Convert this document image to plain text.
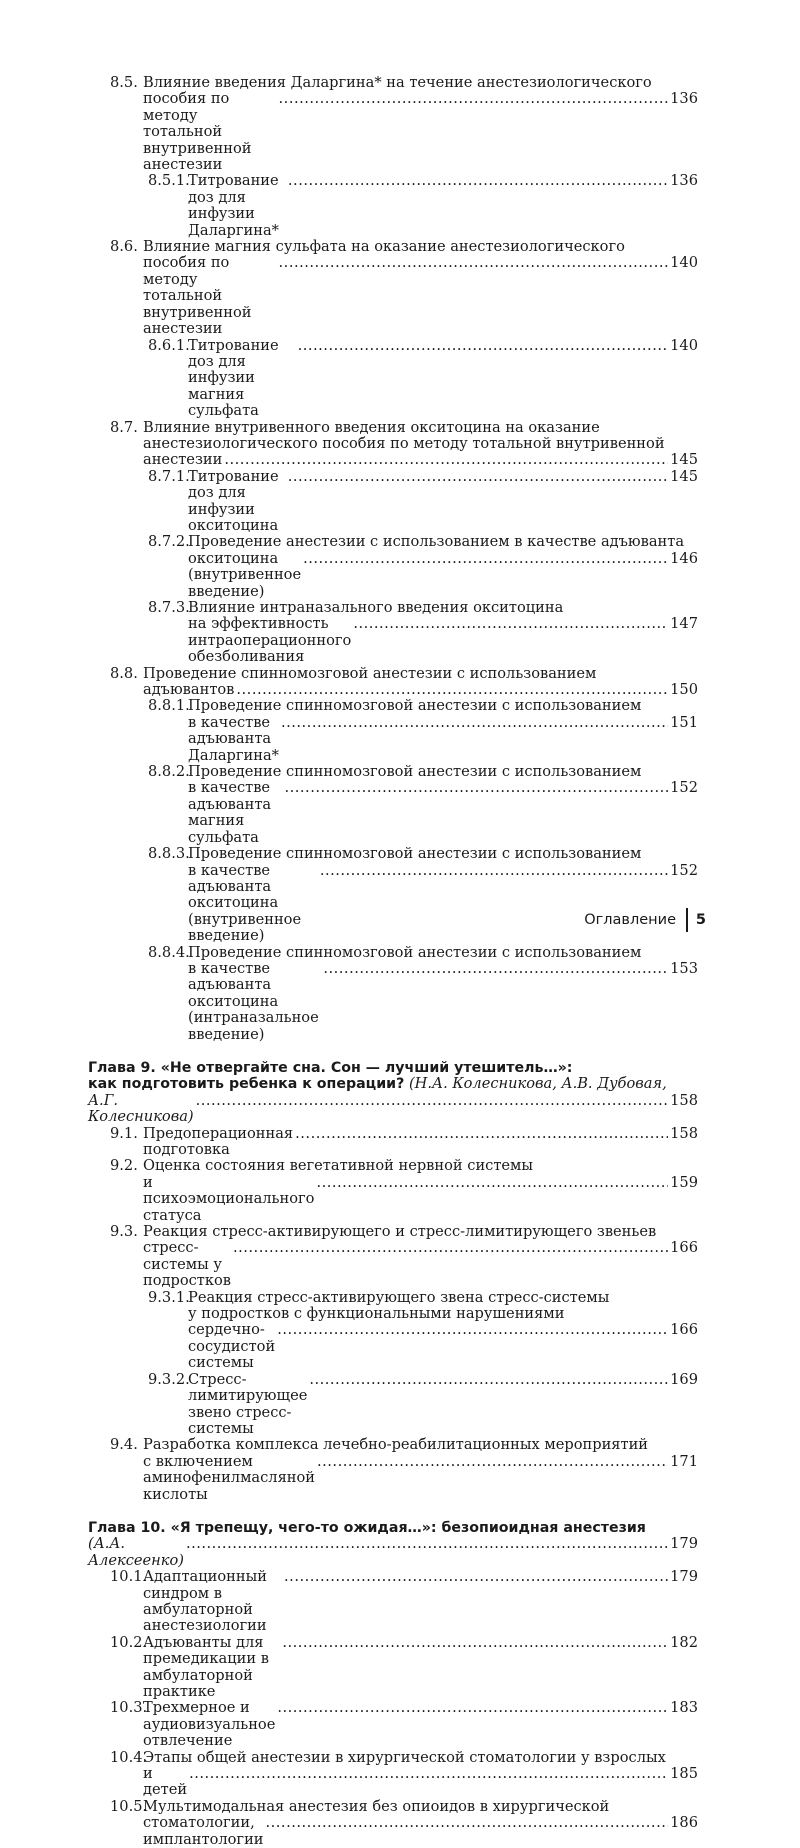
8.5. Влияние введения Даларгина* на течение анестезиологического
пособия по методу тотальной внутривенной анестезии
.....
136
8.5.1.
Титрование доз для инфузии Даларгина*
.....
136
8.6. Влияние магния сульфата на оказание анестезиологического
пособия по методу тотальной внутривенной анестезии
.....
140
8.6.1.
Титрование доз для инфузии магния сульфата
.....
140
8.7. Влияние внутривенного введения окситоцина на оказание
анестезиологического пособия по методу тотальной внутривенной
анестезии .....	145
8.7.1.
Титрование доз для инфузии окситоцина
.....
145
8.7.2.
Проведение анестезии с использованием в качестве адъюванта
окситоцина (внутривенное введение)
.....
146
8.7.3.
Влияние интраназального введения окситоцина
на эффективность интраоперационного обезболивания
.....
147
8.8. Проведение спинномозговой анестезии с использованием
адъювантов .....	150
8.8.1.
Проведение спинномозговой анестезии с использованием
в качестве адъюванта Даларгина*
.....
151
8.8.2.
Проведение спинномозговой анестезии с использованием
в качестве адъюванта магния сульфата
.....
152
8.8.3.
Проведение спинномозговой анестезии с использованием
в качестве адъюванта окситоцина (внутривенное введение)
.....
152
8.8.4.
Проведение спинномозговой анестезии с использованием
в качестве адъюванта окситоцина (интраназальное введение)
.....
153
Глава 9. «Не отвергайте сна. Сон — лучший утешитель…»:
как подготовить ребенка к операции? (Н.А. Колесникова, А.В. Дубовая,
А.Г. Колесникова)
.....
158
9.1. Предоперационная подготовка
.....
158
9.2. Оценка состояния вегетативной нервной системы
и психоэмоционального статуса
.....
159
9.3. Реакция стресс-активирующего и стресс-лимитирующего звеньев
стресс-системы у подростков
.....
166
9.3.1.
Реакция стресс-активирующего звена стресс-системы
у подростков с функциональными нарушениями
сердечно-сосудистой системы
.....
166
9.3.2.
Стресс-лимитирующее звено стресс-системы
.....
169
9.4. Разработка комплекса лечебно-реабилитационных мероприятий
с включением аминофенилмасляной кислоты
.....
171
Глава 10. «Я трепещу, чего-то ожидая…»: безопиоидная анестезия
(А.А. Алексеенко)
.....
179
10.1.
Адаптационный синдром в амбулаторной анестезиологии
.....
179
10.2.
Адъюванты для премедикации в амбулаторной практике
.....
182
10.3.
Трехмерное и аудиовизуальное отвлечение
.....
183
10.4.
Этапы общей анестезии в хирургической стоматологии у взрослых
и детей
.....
185
10.5.
Мультимодальная анестезия без опиоидов в хирургической
стоматологии, имплантологии
.....
186
Оглавление 5
